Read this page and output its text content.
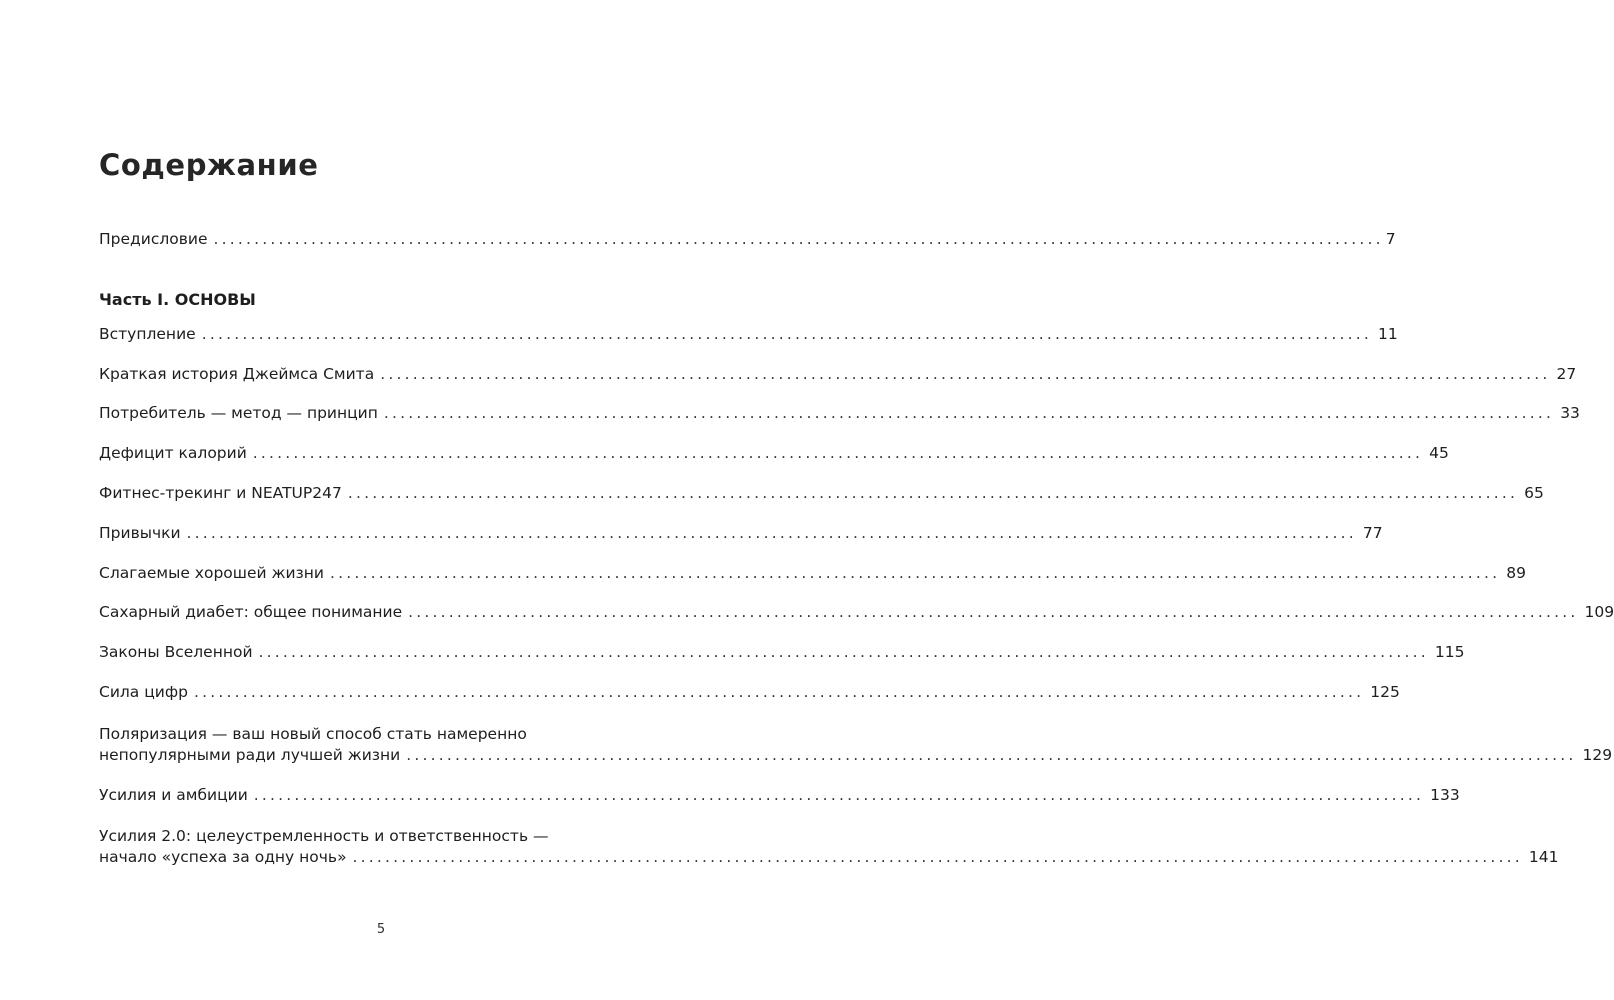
Содержание
Предисловие ................................................................................................................................................ 7
Часть I. ОСНОВЫ
Вступление ................................................................................................................................................ 11
Краткая история Джеймса Смита ................................................................................................................................................ 27
Потребитель — метод — принцип ................................................................................................................................................ 33
Дефицит калорий ................................................................................................................................................ 45
Фитнес-трекинг и NEATUP247 ................................................................................................................................................ 65
Привычки ................................................................................................................................................ 77
Слагаемые хорошей жизни ................................................................................................................................................ 89
Сахарный диабет: общее понимание ................................................................................................................................................ 109
Законы Вселенной ................................................................................................................................................ 115
Сила цифр ................................................................................................................................................ 125
Поляризация — ваш новый способ стать намеренно
непопулярными ради лучшей жизни ................................................................................................................................................ 129
Усилия и амбиции ................................................................................................................................................ 133
Усилия 2.0: целеустремленность и ответственность —
начало «успеха за одну ночь» ................................................................................................................................................ 141
5
